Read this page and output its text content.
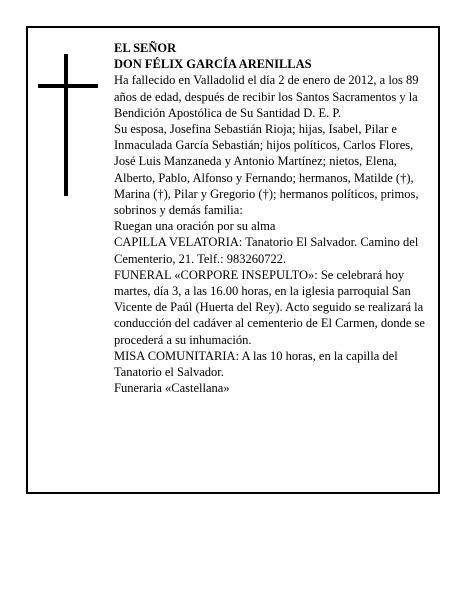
EL SEÑOR

DON FÉLIX GARCÍA ARENILLAS

Ha fallecido en Valladolid el día 2 de enero de 2012, a los 89 años de edad, después de recibir los Santos Sacramentos y la Bendición Apostólica de Su Santidad D. E. P.

Su esposa, Josefina Sebastián Rioja; hijas, Isabel, Pilar e Inmaculada García Sebastián; hijos políticos, Carlos Flores, José Luis Manzaneda y Antonio Martínez; nietos, Elena, Alberto, Pablo, Alfonso y Fernando; hermanos, Matilde (†), Marina (†), Pilar y Gregorio (†); hermanos políticos, primos, sobrinos y demás familia:

Ruegan una oración por su alma

CAPILLA VELATORIA: Tanatorio El Salvador. Camino del Cementerio, 21. Telf.: 983260722.

FUNERAL «CORPORE INSEPULTO»: Se celebrará hoy martes, día 3, a las 16.00 horas, en la iglesia parroquial San Vicente de Paúl (Huerta del Rey). Acto seguido se realizará la conducción del cadáver al cementerio de El Carmen, donde se procederá a su inhumación.

MISA COMUNITARIA: A las 10 horas, en la capilla del Tanatorio el Salvador.

Funeraria «Castellana»
